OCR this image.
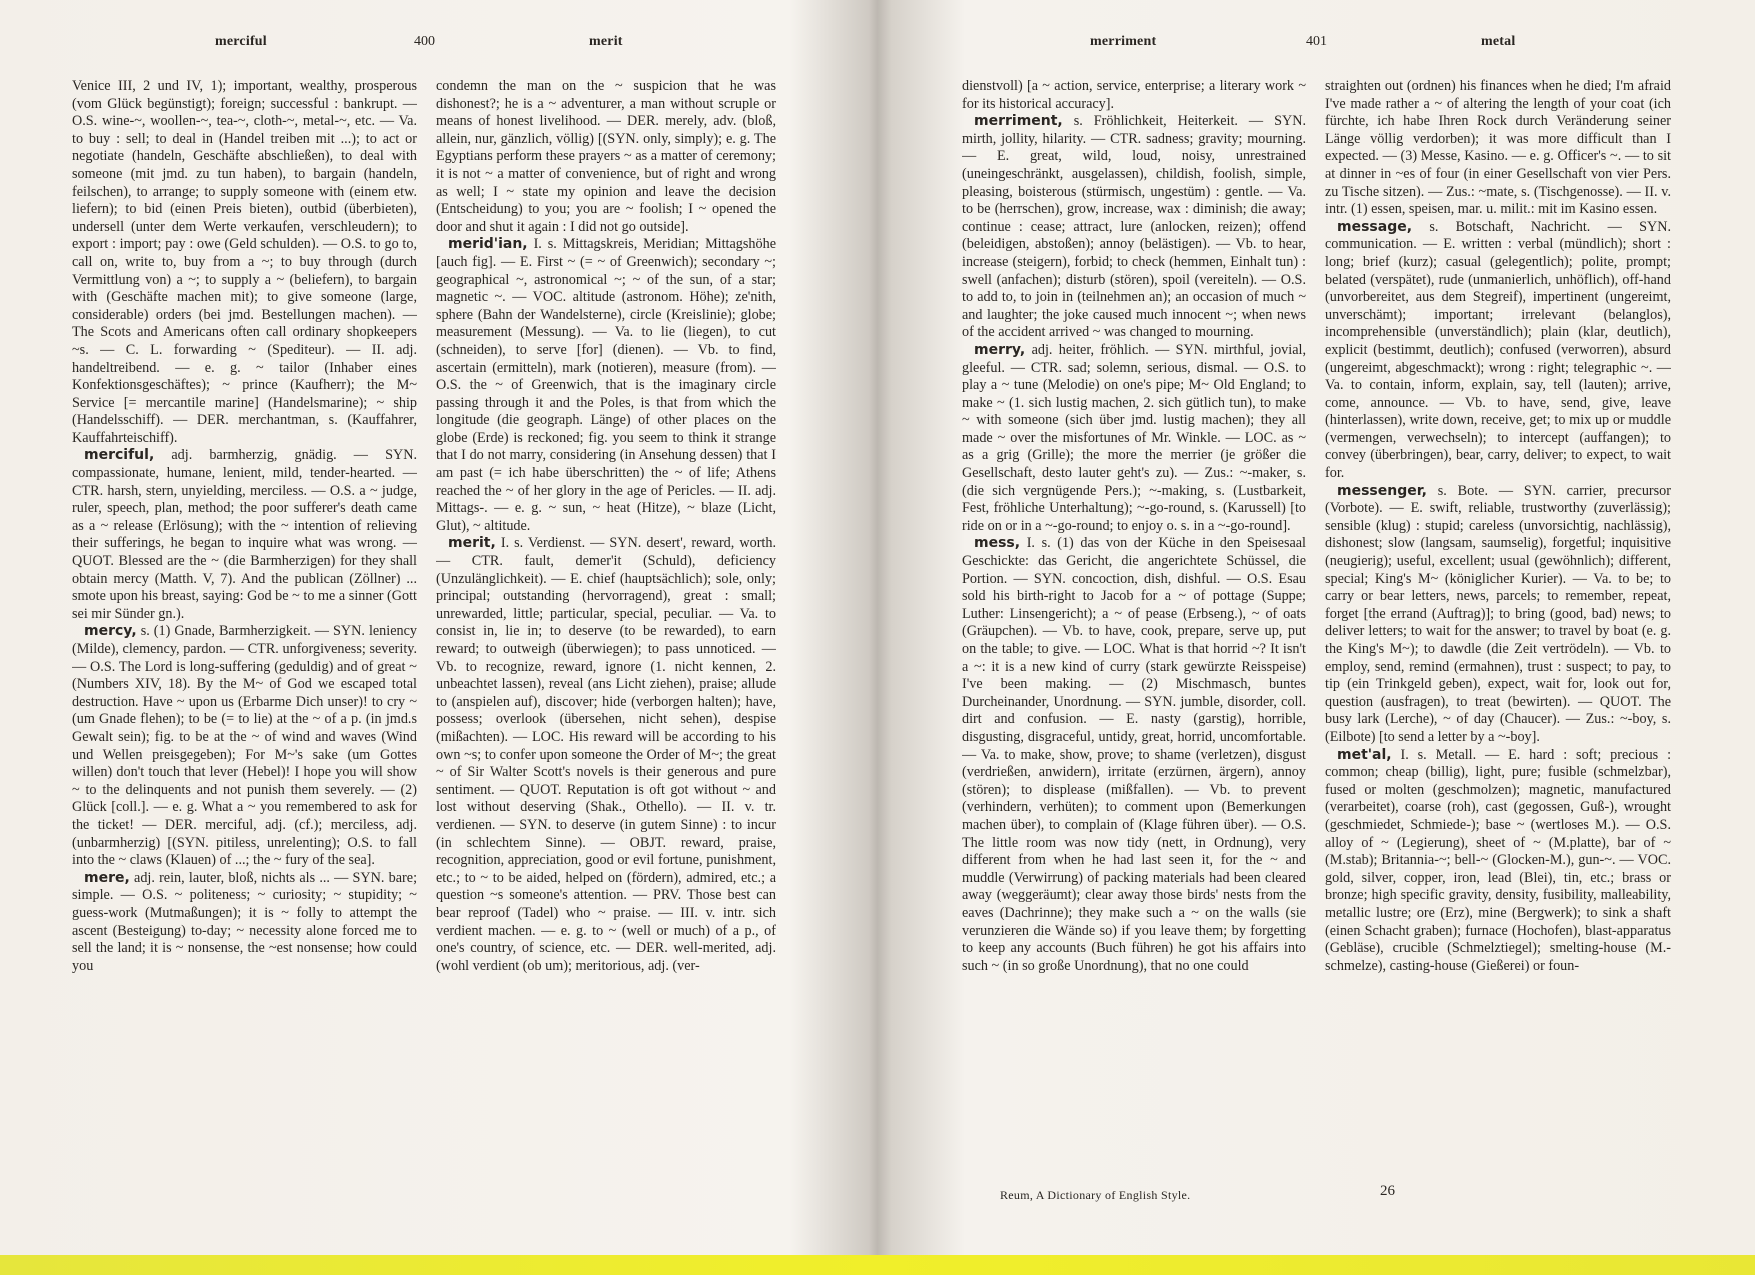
merciful	400	merit

Venice III, 2 und IV, 1); important, wealthy, prosperous (vom Glück begünstigt); foreign; successful : bankrupt. — O.S. wine-~, woollen-~, tea-~, cloth-~, metal-~, etc. — Va. to buy : sell; to deal in (Handel treiben mit ...); to act or negotiate (handeln, Geschäfte abschließen), to deal with someone (mit jmd. zu tun haben), to bargain (handeln, feilschen), to arrange; to supply someone with (einem etw. liefern); to bid (einen Preis bieten), outbid (überbieten), undersell (unter dem Werte verkaufen, verschleudern); to export : import; pay : owe (Geld schulden). — O.S. to go to, call on, write to, buy from a ~; to buy through (durch Vermittlung von) a ~; to supply a ~ (beliefern), to bargain with (Geschäfte machen mit); to give someone (large, considerable) orders (bei jmd. Bestellungen machen). — The Scots and Americans often call ordinary shopkeepers ~s. — C. L. forwarding ~ (Spediteur). — II. adj. handeltreibend. — e. g. ~ tailor (Inhaber eines Konfektionsgeschäftes); ~ prince (Kaufherr); the M~ Service [= mercantile marine] (Handelsmarine); ~ ship (Handelsschiff). — DER. merchantman, s. (Kauffahrer, Kauffahrteischiff).

merciful, adj. barmherzig, gnädig. — SYN. compassionate, humane, lenient, mild, tender-hearted. — CTR. harsh, stern, unyielding, merciless. — O.S. a ~ judge, ruler, speech, plan, method; the poor sufferer's death came as a ~ release (Erlösung); with the ~ intention of relieving their sufferings, he began to inquire what was wrong. — QUOT. Blessed are the ~ (die Barmherzigen) for they shall obtain mercy (Matth. V, 7). And the publican (Zöllner) ... smote upon his breast, saying: God be ~ to me a sinner (Gott sei mir Sünder gn.).

mercy, s. (1) Gnade, Barmherzigkeit. — SYN. leniency (Milde), clemency, pardon. — CTR. unforgiveness; severity. — O.S. The Lord is long-suffering (geduldig) and of great ~ (Numbers XIV, 18). By the M~ of God we escaped total destruction. Have ~ upon us (Erbarme Dich unser)! to cry ~ (um Gnade flehen); to be (= to lie) at the ~ of a p. (in jmd.s Gewalt sein); fig. to be at the ~ of wind and waves (Wind und Wellen preisgegeben); For M~'s sake (um Gottes willen) don't touch that lever (Hebel)! I hope you will show ~ to the delinquents and not punish them severely. — (2) Glück [coll.]. — e. g. What a ~ you remembered to ask for the ticket! — DER. merciful, adj. (cf.); merciless, adj. (unbarmherzig) [(SYN. pitiless, unrelenting); O.S. to fall into the ~ claws (Klauen) of ...; the ~ fury of the sea].

mere, adj. rein, lauter, bloß, nichts als ... — SYN. bare; simple. — O.S. ~ politeness; ~ curiosity; ~ stupidity; ~ guess-work (Mutmaßungen); it is ~ folly to attempt the ascent (Besteigung) to-day; ~ necessity alone forced me to sell the land; it is ~ nonsense, the ~est nonsense; how could you

condemn the man on the ~ suspicion that he was dishonest?; he is a ~ adventurer, a man without scruple or means of honest livelihood. — DER. merely, adv. (bloß, allein, nur, gänzlich, völlig) [(SYN. only, simply); e. g. The Egyptians perform these prayers ~ as a matter of ceremony; it is not ~ a matter of convenience, but of right and wrong as well; I ~ state my opinion and leave the decision (Entscheidung) to you; you are ~ foolish; I ~ opened the door and shut it again : I did not go outside].

merid'ian, I. s. Mittagskreis, Meridian; Mittagshöhe [auch fig]. — E. First ~ (= ~ of Greenwich); secondary ~; geographical ~, astronomical ~; ~ of the sun, of a star; magnetic ~. — VOC. altitude (astronom. Höhe); ze'nith, sphere (Bahn der Wandelsterne), circle (Kreislinie); globe; measurement (Messung). — Va. to lie (liegen), to cut (schneiden), to serve [for] (dienen). — Vb. to find, ascertain (ermitteln), mark (notieren), measure (from). — O.S. the ~ of Greenwich, that is the imaginary circle passing through it and the Poles, is that from which the longitude (die geograph. Länge) of other places on the globe (Erde) is reckoned; fig. you seem to think it strange that I do not marry, considering (in Ansehung dessen) that I am past (= ich habe überschritten) the ~ of life; Athens reached the ~ of her glory in the age of Pericles. — II. adj. Mittags-. — e. g. ~ sun, ~ heat (Hitze), ~ blaze (Licht, Glut), ~ altitude.

merit, I. s. Verdienst. — SYN. desert', reward, worth. — CTR. fault, demer'it (Schuld), deficiency (Unzulänglichkeit). — E. chief (hauptsächlich); sole, only; principal; outstanding (hervorragend), great : small; unrewarded, little; particular, special, peculiar. — Va. to consist in, lie in; to deserve (to be rewarded), to earn reward; to outweigh (überwiegen); to pass unnoticed. — Vb. to recognize, reward, ignore (1. nicht kennen, 2. unbeachtet lassen), reveal (ans Licht ziehen), praise; allude to (anspielen auf), discover; hide (verborgen halten); have, possess; overlook (übersehen, nicht sehen), despise (mißachten). — LOC. His reward will be according to his own ~s; to confer upon someone the Order of M~; the great ~ of Sir Walter Scott's novels is their generous and pure sentiment. — QUOT. Reputation is oft got without ~ and lost without deserving (Shak., Othello). — II. v. tr. verdienen. — SYN. to deserve (in gutem Sinne) : to incur (in schlechtem Sinne). — OBJT. reward, praise, recognition, appreciation, good or evil fortune, punishment, etc.; to ~ to be aided, helped on (fördern), admired, etc.; a question ~s someone's attention. — PRV. Those best can bear reproof (Tadel) who ~ praise. — III. v. intr. sich verdient machen. — e. g. to ~ (well or much) of a p., of one's country, of science, etc. — DER. well-merited, adj. (wohl verdient (ob um); meritorious, adj. (ver-

merriment	401	metal

dienstvoll) [a ~ action, service, enterprise; a literary work ~ for its historical accuracy].

merriment, s. Fröhlichkeit, Heiterkeit. — SYN. mirth, jollity, hilarity. — CTR. sadness; gravity; mourning. — E. great, wild, loud, noisy, unrestrained (uneingeschränkt, ausgelassen), childish, foolish, simple, pleasing, boisterous (stürmisch, ungestüm) : gentle. — Va. to be (herrschen), grow, increase, wax : diminish; die away; continue : cease; attract, lure (anlocken, reizen); offend (beleidigen, abstoßen); annoy (belästigen). — Vb. to hear, increase (steigern), forbid; to check (hemmen, Einhalt tun) : swell (anfachen); disturb (stören), spoil (vereiteln). — O.S. to add to, to join in (teilnehmen an); an occasion of much ~ and laughter; the joke caused much innocent ~; when news of the accident arrived ~ was changed to mourning.

merry, adj. heiter, fröhlich. — SYN. mirthful, jovial, gleeful. — CTR. sad; solemn, serious, dismal. — O.S. to play a ~ tune (Melodie) on one's pipe; M~ Old England; to make ~ (1. sich lustig machen, 2. sich gütlich tun), to make ~ with someone (sich über jmd. lustig machen); they all made ~ over the misfortunes of Mr. Winkle. — LOC. as ~ as a grig (Grille); the more the merrier (je größer die Gesellschaft, desto lauter geht's zu). — Zus.: ~-maker, s. (die sich vergnügende Pers.); ~-making, s. (Lustbarkeit, Fest, fröhliche Unterhaltung); ~-go-round, s. (Karussell) [to ride on or in a ~-go-round; to enjoy o. s. in a ~-go-round].

mess, I. s. (1) das von der Küche in den Speisesaal Geschickte: das Gericht, die angerichtete Schüssel, die Portion. — SYN. concoction, dish, dishful. — O.S. Esau sold his birth-right to Jacob for a ~ of pottage (Suppe; Luther: Linsengericht); a ~ of pease (Erbseng.), ~ of oats (Gräupchen). — Vb. to have, cook, prepare, serve up, put on the table; to give. — LOC. What is that horrid ~? It isn't a ~: it is a new kind of curry (stark gewürzte Reisspeise) I've been making. — (2) Mischmasch, buntes Durcheinander, Unordnung. — SYN. jumble, disorder, coll. dirt and confusion. — E. nasty (garstig), horrible, disgusting, disgraceful, untidy, great, horrid, uncomfortable. — Va. to make, show, prove; to shame (verletzen), disgust (verdrießen, anwidern), irritate (erzürnen, ärgern), annoy (stören); to displease (mißfallen). — Vb. to prevent (verhindern, verhüten); to comment upon (Bemerkungen machen über), to complain of (Klage führen über). — O.S. The little room was now tidy (nett, in Ordnung), very different from when he had last seen it, for the ~ and muddle (Verwirrung) of packing materials had been cleared away (weggeräumt); clear away those birds' nests from the eaves (Dachrinne); they make such a ~ on the walls (sie verunzieren die Wände so) if you leave them; by forgetting to keep any accounts (Buch führen) he got his affairs into such ~ (in so große Unordnung), that no one could

straighten out (ordnen) his finances when he died; I'm afraid I've made rather a ~ of altering the length of your coat (ich fürchte, ich habe Ihren Rock durch Veränderung seiner Länge völlig verdorben); it was more difficult than I expected. — (3) Messe, Kasino. — e. g. Officer's ~. — to sit at dinner in ~es of four (in einer Gesellschaft von vier Pers. zu Tische sitzen). — Zus.: ~mate, s. (Tischgenosse). — II. v. intr. (1) essen, speisen, mar. u. milit.: mit im Kasino essen.

message, s. Botschaft, Nachricht. — SYN. communication. — E. written : verbal (mündlich); short : long; brief (kurz); casual (gelegentlich); polite, prompt; belated (verspätet), rude (unmanierlich, unhöflich), off-hand (unvorbereitet, aus dem Stegreif), impertinent (ungereimt, unverschämt); important; irrelevant (belanglos), incomprehensible (unverständlich); plain (klar, deutlich), explicit (bestimmt, deutlich); confused (verworren), absurd (ungereimt, abgeschmackt); wrong : right; telegraphic ~. — Va. to contain, inform, explain, say, tell (lauten); arrive, come, announce. — Vb. to have, send, give, leave (hinterlassen), write down, receive, get; to mix up or muddle (vermengen, verwechseln); to intercept (auffangen); to convey (überbringen), bear, carry, deliver; to expect, to wait for.

messenger, s. Bote. — SYN. carrier, precursor (Vorbote). — E. swift, reliable, trustworthy (zuverlässig); sensible (klug) : stupid; careless (unvorsichtig, nachlässig), dishonest; slow (langsam, saumselig), forgetful; inquisitive (neugierig); useful, excellent; usual (gewöhnlich); different, special; King's M~ (königlicher Kurier). — Va. to be; to carry or bear letters, news, parcels; to remember, repeat, forget [the errand (Auftrag)]; to bring (good, bad) news; to deliver letters; to wait for the answer; to travel by boat (e. g. the King's M~); to dawdle (die Zeit vertrödeln). — Vb. to employ, send, remind (ermahnen), trust : suspect; to pay, to tip (ein Trinkgeld geben), expect, wait for, look out for, question (ausfragen), to treat (bewirten). — QUOT. The busy lark (Lerche), ~ of day (Chaucer). — Zus.: ~-boy, s. (Eilbote) [to send a letter by a ~-boy].

met'al, I. s. Metall. — E. hard : soft; precious : common; cheap (billig), light, pure; fusible (schmelzbar), fused or molten (geschmolzen); magnetic, manufactured (verarbeitet), coarse (roh), cast (gegossen, Guß-), wrought (geschmiedet, Schmiede-); base ~ (wertloses M.). — O.S. alloy of ~ (Legierung), sheet of ~ (M.platte), bar of ~ (M.stab); Britannia-~; bell-~ (Glocken-M.), gun-~. — VOC. gold, silver, copper, iron, lead (Blei), tin, etc.; brass or bronze; high specific gravity, density, fusibility, malleability, metallic lustre; ore (Erz), mine (Bergwerk); to sink a shaft (einen Schacht graben); furnace (Hochofen), blast-apparatus (Gebläse), crucible (Schmelztiegel); smelting-house (M.-schmelze), casting-house (Gießerei) or foun-

Reum, A Dictionary of English Style.	26
